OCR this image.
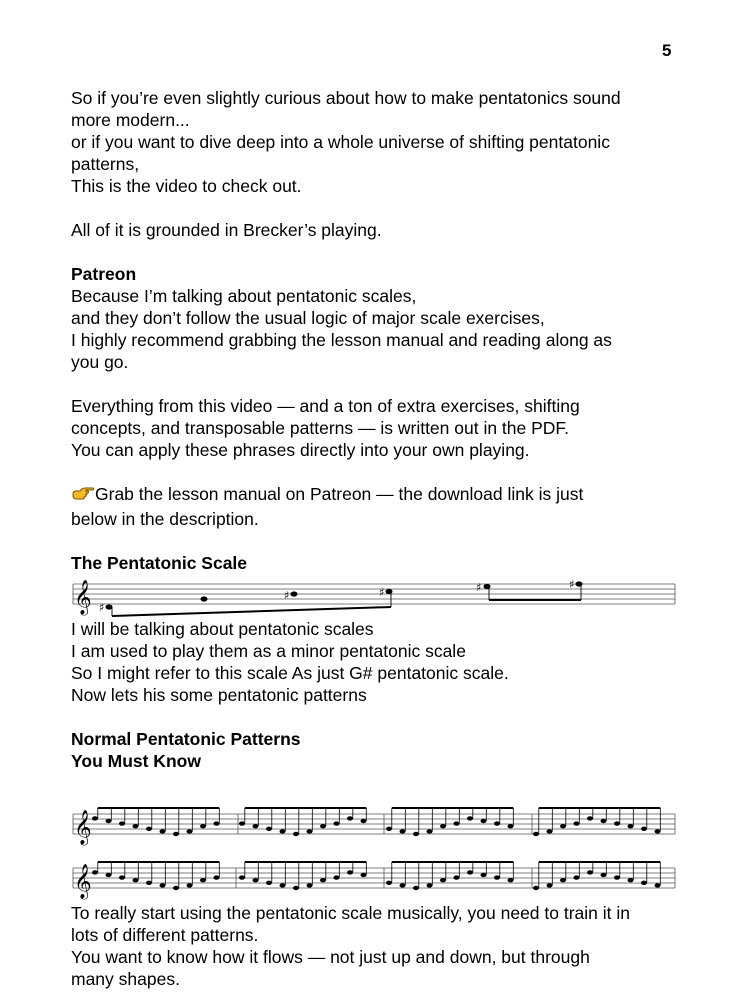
5
So if you’re even slightly curious about how to make pentatonics sound
more modern...
or if you want to dive deep into a whole universe of shifting pentatonic
patterns,
This is the video to check out.
All of it is grounded in Brecker’s playing.
Patreon
Because I’m talking about pentatonic scales,
and they don’t follow the usual logic of major scale exercises,
I highly recommend grabbing the lesson manual and reading along as
you go.
Everything from this video — and a ton of extra exercises, shifting
concepts, and transposable patterns — is written out in the PDF.
You can apply these phrases directly into your own playing.
Grab the lesson manual on Patreon — the download link is just
below in the description.
The Pentatonic Scale
𝄞 ♯
♯	♯	♯	♯
I will be talking about pentatonic scales
I am used to play them as a minor pentatonic scale
So I might refer to this scale As just G# pentatonic scale.
Now lets his some pentatonic patterns
Normal Pentatonic Patterns
You Must Know
𝄞
𝄞
To really start using the pentatonic scale musically, you need to train it in
lots of different patterns.
You want to know how it flows — not just up and down, but through
many shapes.
